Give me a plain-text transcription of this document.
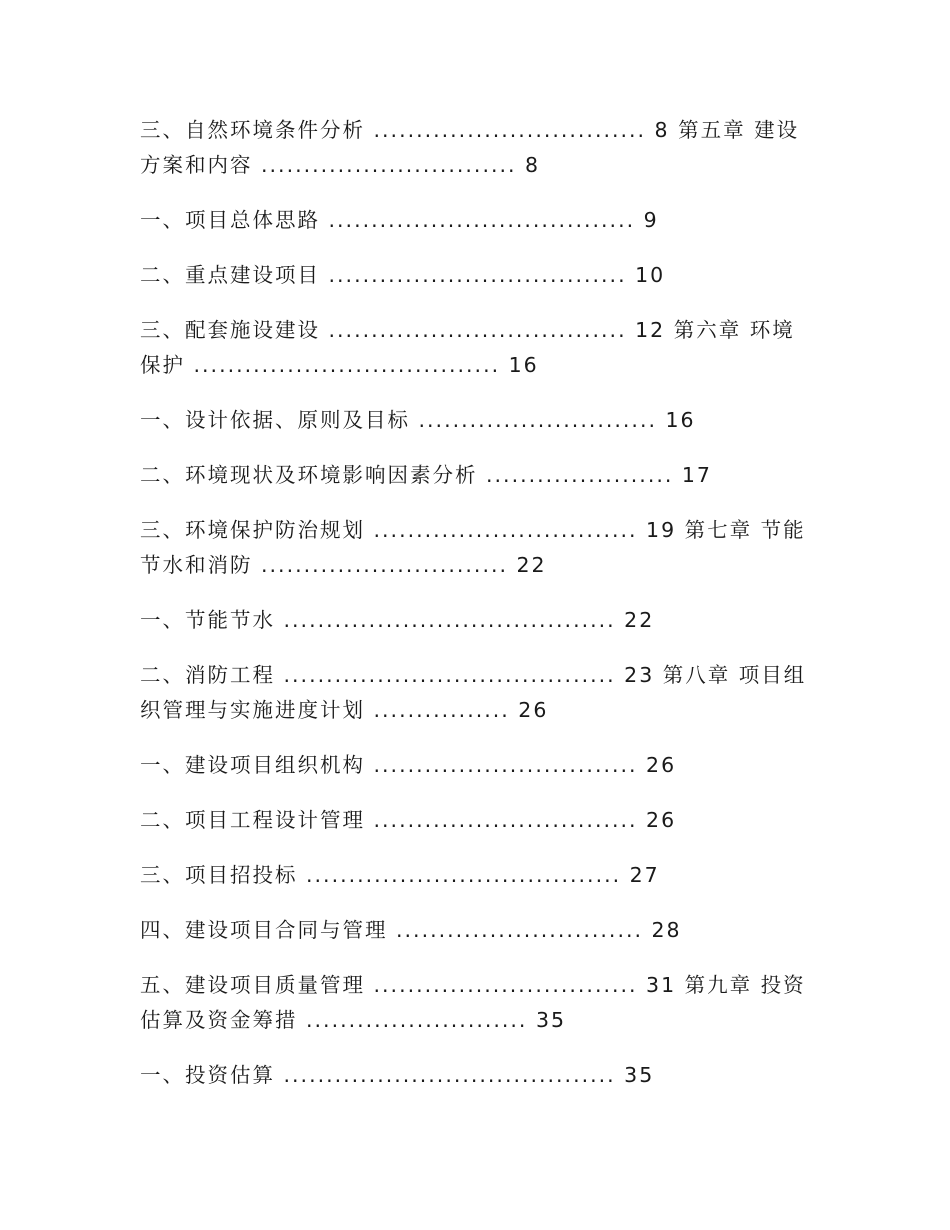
三、自然环境条件分析 ................................ 8 第五章 建设方案和内容 .............................. 8

一、项目总体思路 .................................... 9

二、重点建设项目 ................................... 10

三、配套施设建设 ................................... 12 第六章 环境保护 .................................... 16

一、设计依据、原则及目标 ............................ 16

二、环境现状及环境影响因素分析 ...................... 17

三、环境保护防治规划 ............................... 19 第七章 节能节水和消防 ............................. 22

一、节能节水 ....................................... 22

二、消防工程 ....................................... 23 第八章 项目组织管理与实施进度计划 ................ 26

一、建设项目组织机构 ............................... 26

二、项目工程设计管理 ............................... 26

三、项目招投标 ..................................... 27

四、建设项目合同与管理 ............................. 28

五、建设项目质量管理 ............................... 31 第九章 投资估算及资金筹措 .......................... 35

一、投资估算 ....................................... 35
